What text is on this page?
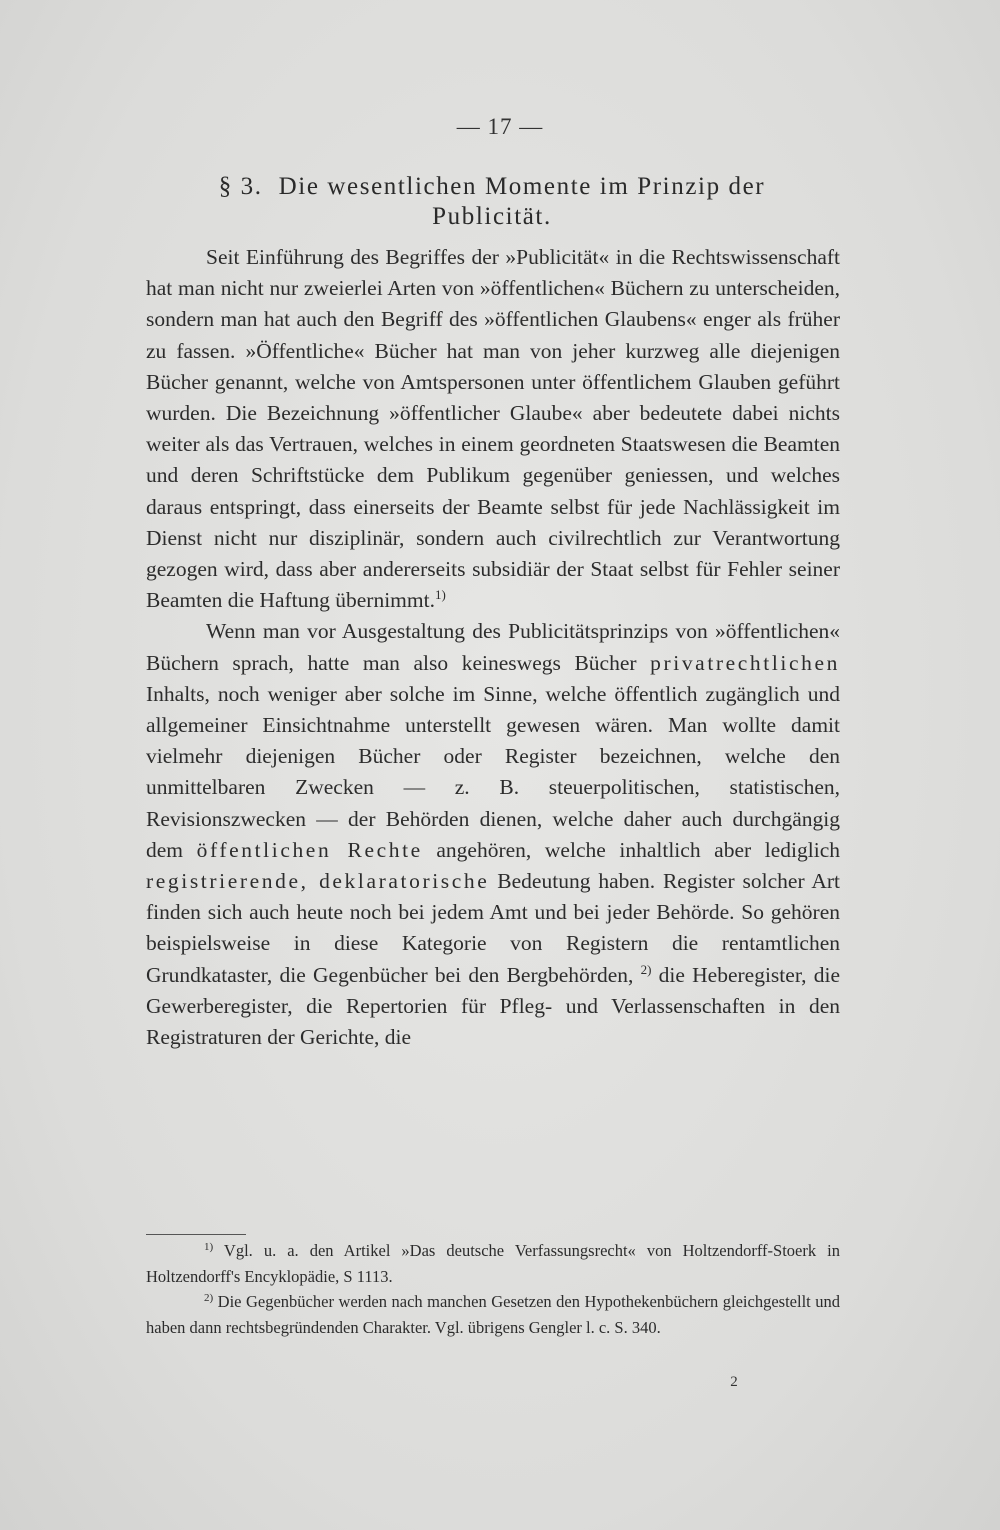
— 17 —
§ 3. Die wesentlichen Momente im Prinzip der Publicität.

Seit Einführung des Begriffes der »Publicität« in die Rechtswissenschaft hat man nicht nur zweierlei Arten von »öffentlichen« Büchern zu unterscheiden, sondern man hat auch den Begriff des »öffentlichen Glaubens« enger als früher zu fassen. »Öffentliche« Bücher hat man von jeher kurzweg alle diejenigen Bücher genannt, welche von Amtspersonen unter öffentlichem Glauben geführt wurden. Die Bezeichnung »öffentlicher Glaube« aber bedeutete dabei nichts weiter als das Vertrauen, welches in einem geordneten Staatswesen die Beamten und deren Schriftstücke dem Publikum gegenüber geniessen, und welches daraus entspringt, dass einerseits der Beamte selbst für jede Nachlässigkeit im Dienst nicht nur disziplinär, sondern auch civilrechtlich zur Verantwortung gezogen wird, dass aber andererseits subsidiär der Staat selbst für Fehler seiner Beamten die Haftung übernimmt.$^{1)}$

Wenn man vor Ausgestaltung des Publicitätsprinzips von »öffentlichen« Büchern sprach, hatte man also keineswegs Bücher privatrechtlichen Inhalts, noch weniger aber solche im Sinne, welche öffentlich zugänglich und allgemeiner Einsichtnahme unterstellt gewesen wären. Man wollte damit vielmehr diejenigen Bücher oder Register bezeichnen, welche den unmittelbaren Zwecken — z. B. steuerpolitischen, statistischen, Revisionszwecken — der Behörden dienen, welche daher auch durchgängig dem öffentlichen Rechte angehören, welche inhaltlich aber lediglich registrierende, deklaratorische Bedeutung haben. Register solcher Art finden sich auch heute noch bei jedem Amt und bei jeder Behörde. So gehören beispielsweise in diese Kategorie von Registern die rentamtlichen Grundkataster, die Gegenbücher bei den Bergbehörden, $^{2)}$ die Heberegister, die Gewerberegister, die Repertorien für Pfleg- und Verlassenschaften in den Registraturen der Gerichte, die

$^{1)}$ Vgl. u. a. den Artikel »Das deutsche Verfassungsrecht« von Holtzendorff-Stoerk in Holtzendorff's Encyklopädie, S 1113.

$^{2)}$ Die Gegenbücher werden nach manchen Gesetzen den Hypothekenbüchern gleichgestellt und haben dann rechtsbegründenden Charakter. Vgl. übrigens Gengler l. c. S. 340.

2
